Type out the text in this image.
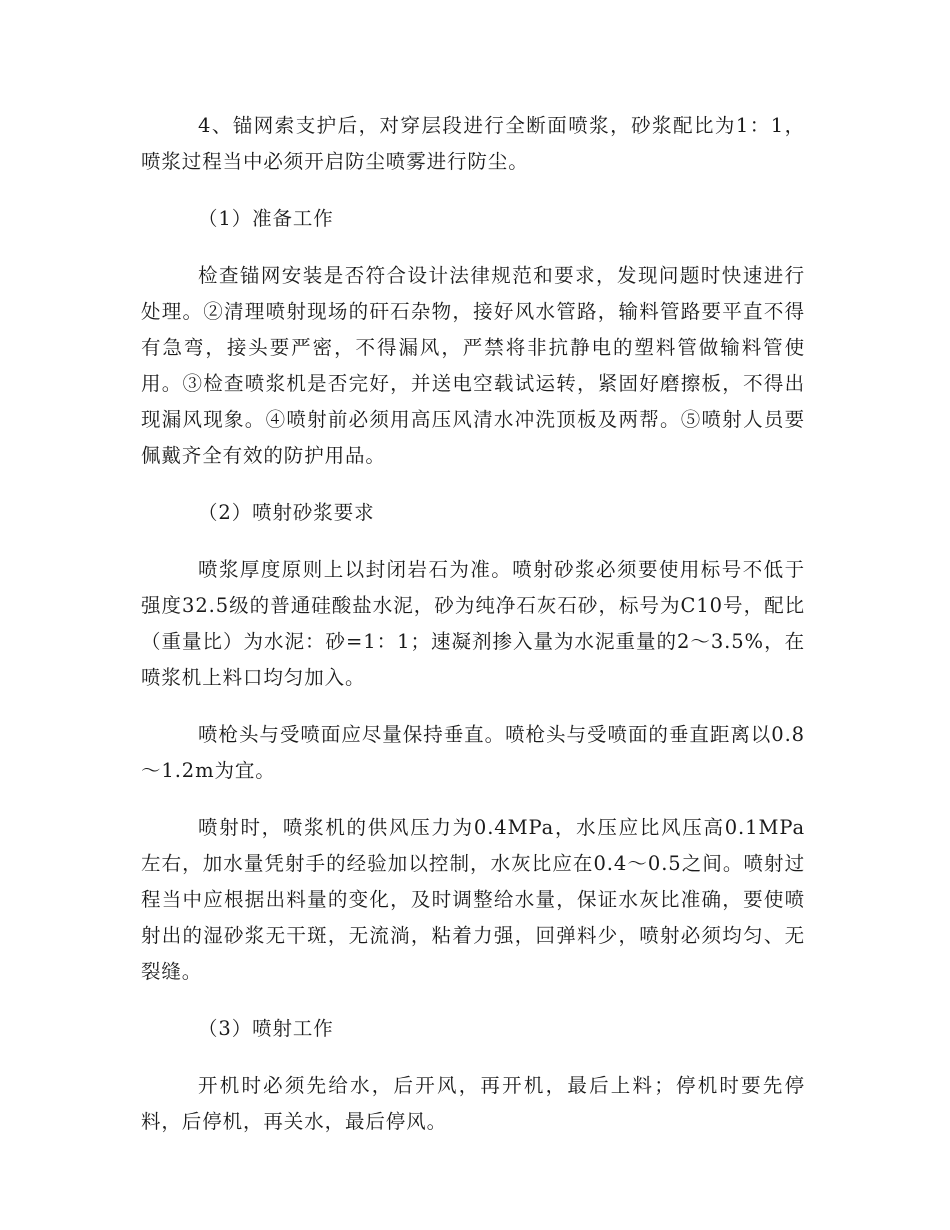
4、锚网索支护后，对穿层段进行全断面喷浆，砂浆配比为1：1，喷浆过程当中必须开启防尘喷雾进行防尘。

（1）准备工作

检查锚网安装是否符合设计法律规范和要求，发现问题时快速进行处理。②清理喷射现场的矸石杂物，接好风水管路，输料管路要平直不得有急弯，接头要严密，不得漏风，严禁将非抗静电的塑料管做输料管使用。③检查喷浆机是否完好，并送电空载试运转，紧固好磨擦板，不得出现漏风现象。④喷射前必须用高压风清水冲洗顶板及两帮。⑤喷射人员要佩戴齐全有效的防护用品。

（2）喷射砂浆要求

喷浆厚度原则上以封闭岩石为准。喷射砂浆必须要使用标号不低于强度32.5级的普通硅酸盐水泥，砂为纯净石灰石砂，标号为C10号，配比（重量比）为水泥：砂=1：1；速凝剂掺入量为水泥重量的2～3.5%，在喷浆机上料口均匀加入。

喷枪头与受喷面应尽量保持垂直。喷枪头与受喷面的垂直距离以0.8～1.2m为宜。

喷射时，喷浆机的供风压力为0.4MPa，水压应比风压高0.1MPa左右，加水量凭射手的经验加以控制，水灰比应在0.4～0.5之间。喷射过程当中应根据出料量的变化，及时调整给水量，保证水灰比准确，要使喷射出的湿砂浆无干斑，无流淌，粘着力强，回弹料少，喷射必须均匀、无裂缝。

（3）喷射工作

开机时必须先给水，后开风，再开机，最后上料；停机时要先停料，后停机，再关水，最后停风。
